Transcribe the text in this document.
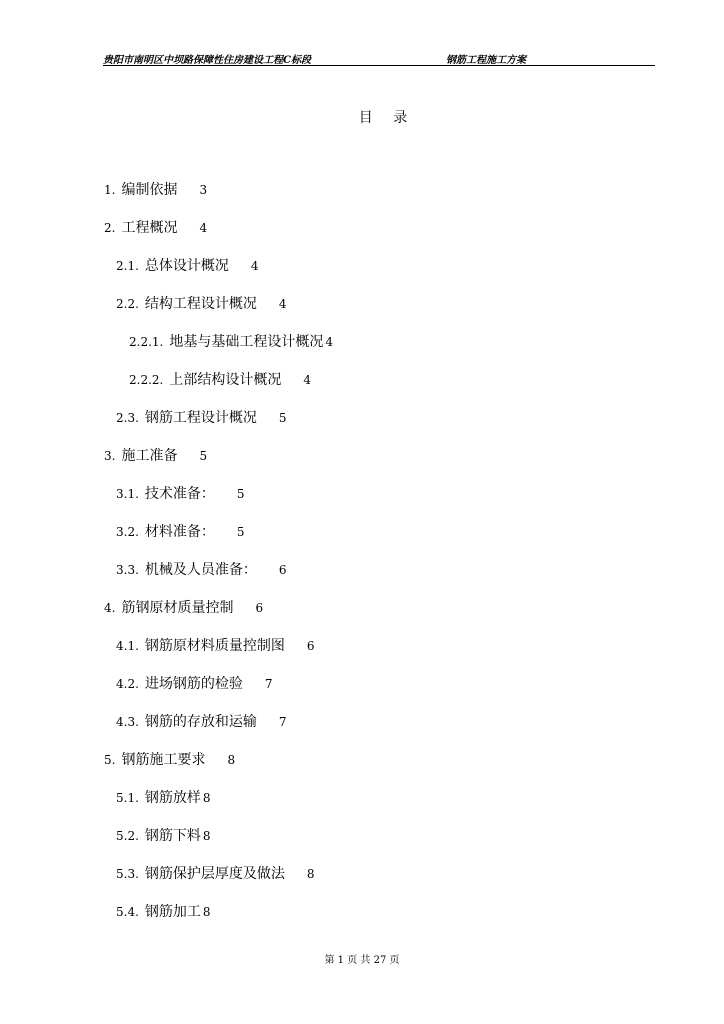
贵阳市南明区中坝路保障性住房建设工程C标段	钢筋工程施工方案
目 录
1. 编制依据 3
2. 工程概况 4
2.1. 总体设计概况 4
2.2. 结构工程设计概况 4
2.2.1. 地基与基础工程设计概况 4
2.2.2. 上部结构设计概况 4
2.3. 钢筋工程设计概况 5
3. 施工准备 5
3.1. 技术准备： 5
3.2. 材料准备： 5
3.3. 机械及人员准备： 6
4. 筋钢原材质量控制 6
4.1. 钢筋原材料质量控制图 6
4.2. 进场钢筋的检验 7
4.3. 钢筋的存放和运输 7
5. 钢筋施工要求 8
5.1. 钢筋放样 8
5.2. 钢筋下料 8
5.3. 钢筋保护层厚度及做法 8
5.4. 钢筋加工 8
第 1 页 共 27 页
